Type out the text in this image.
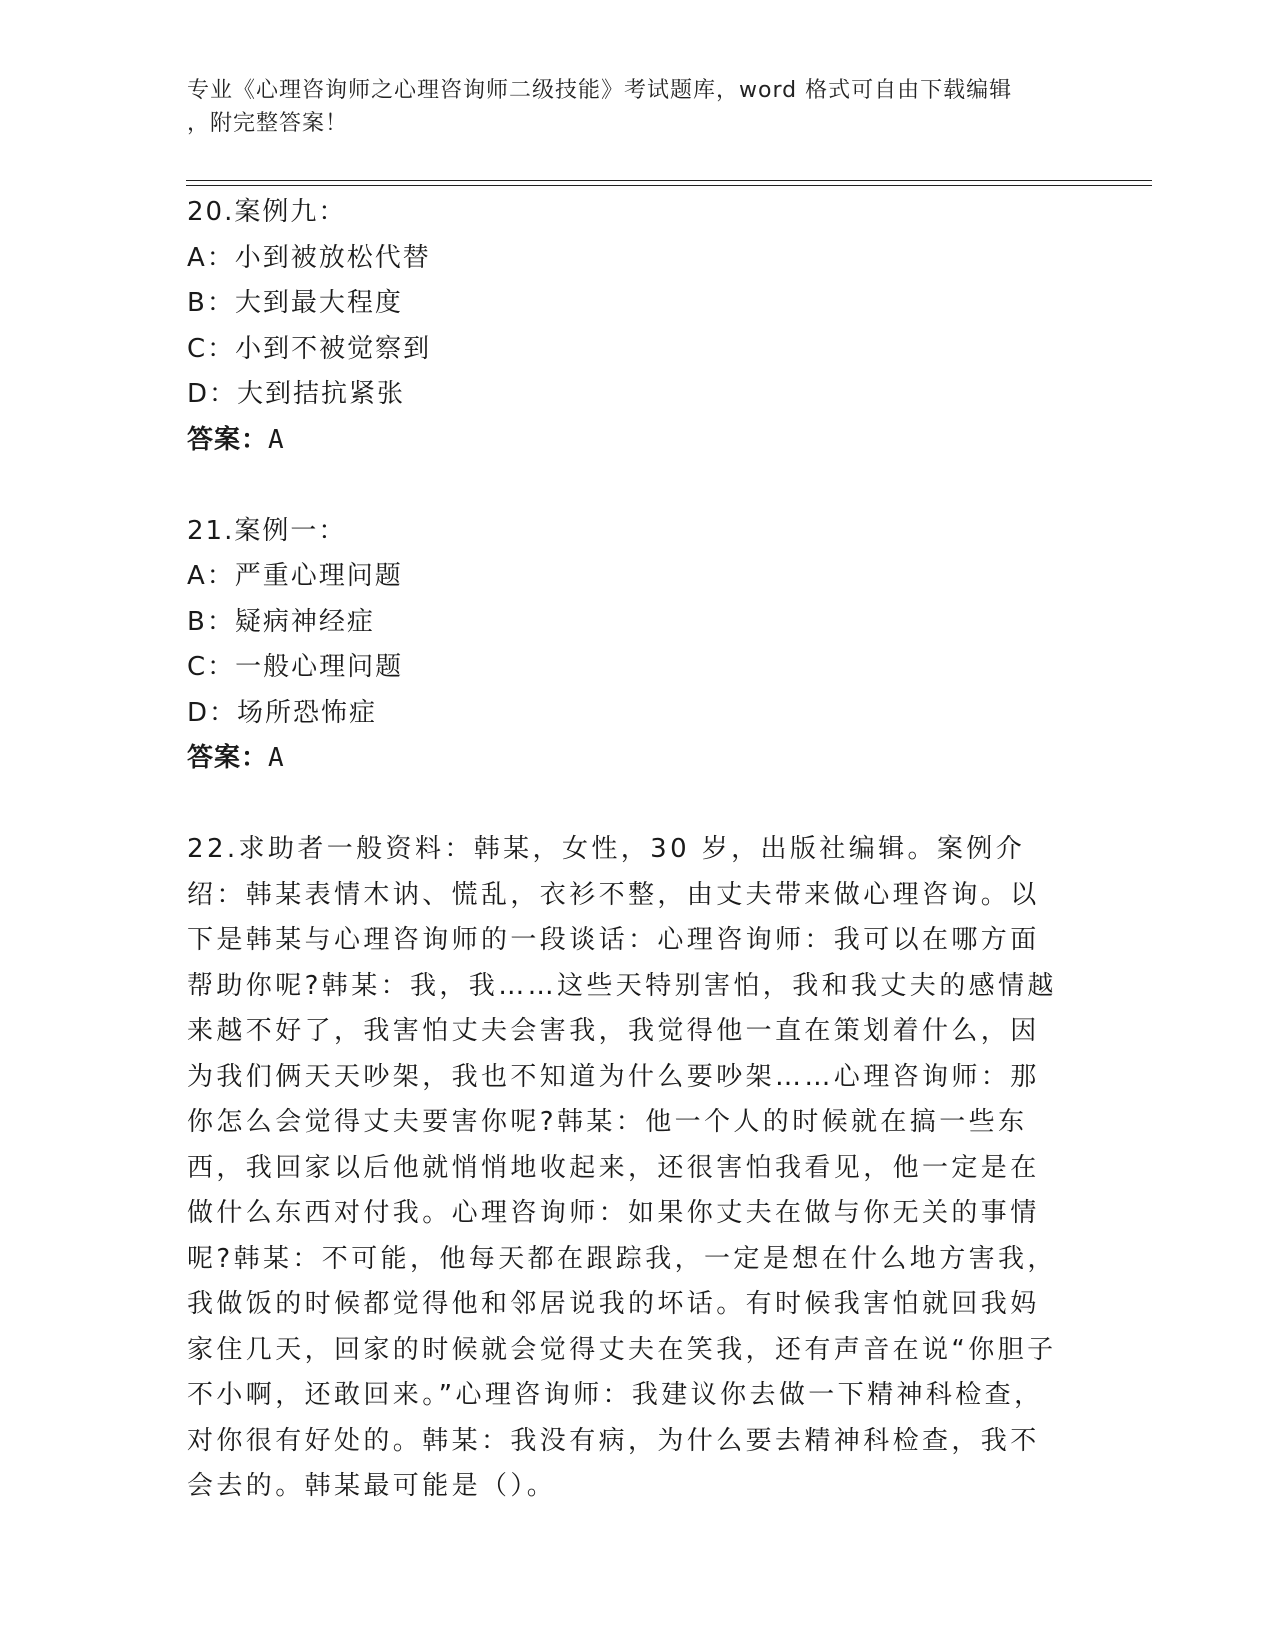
专业《心理咨询师之心理咨询师二级技能》考试题库，word 格式可自由下载编辑
，附完整答案！
20.案例九：
A：小到被放松代替
B：大到最大程度
C：小到不被觉察到
D：大到拮抗紧张
答案：A
21.案例一：
A：严重心理问题
B：疑病神经症
C：一般心理问题
D：场所恐怖症
答案：A
22.求助者一般资料：韩某，女性，30 岁，出版社编辑。案例介绍：韩某表情木讷、慌乱，衣衫不整，由丈夫带来做心理咨询。以下是韩某与心理咨询师的一段谈话：心理咨询师：我可以在哪方面帮助你呢?韩某：我，我……这些天特别害怕，我和我丈夫的感情越来越不好了，我害怕丈夫会害我，我觉得他一直在策划着什么，因为我们俩天天吵架，我也不知道为什么要吵架……心理咨询师：那你怎么会觉得丈夫要害你呢?韩某：他一个人的时候就在搞一些东西，我回家以后他就悄悄地收起来，还很害怕我看见，他一定是在做什么东西对付我。心理咨询师：如果你丈夫在做与你无关的事情呢?韩某：不可能，他每天都在跟踪我，一定是想在什么地方害我，我做饭的时候都觉得他和邻居说我的坏话。有时候我害怕就回我妈家住几天，回家的时候就会觉得丈夫在笑我，还有声音在说“你胆子不小啊，还敢回来。”心理咨询师：我建议你去做一下精神科检查，对你很有好处的。韩某：我没有病，为什么要去精神科检查，我不会去的。韩某最可能是（）。
